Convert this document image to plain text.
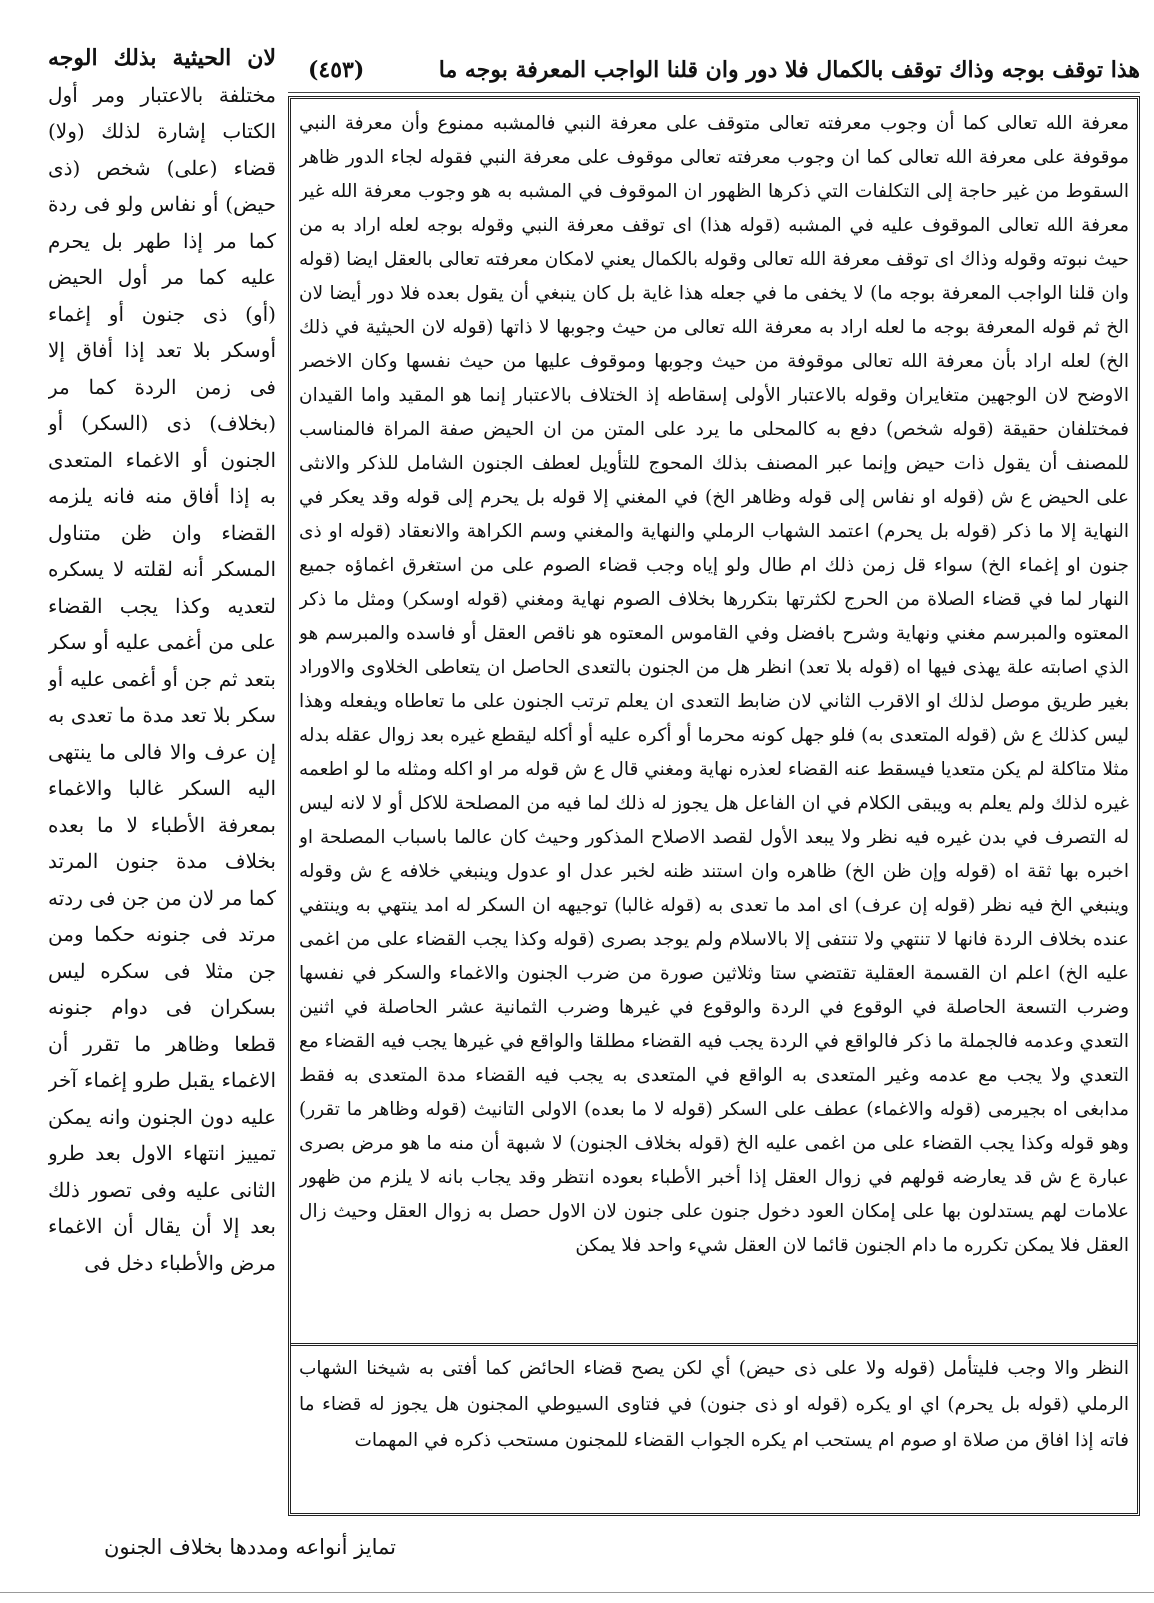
هذا توقف بوجه وذاك توقف بالكمال فلا دور وان قلنا الواجب المعرفة بوجه ما
(٤٥٣)
معرفة الله تعالى كما أن وجوب معرفته تعالى متوقف على معرفة النبي فالمشبه ممنوع وأن معرفة النبي موقوفة على معرفة الله تعالى كما ان وجوب معرفته تعالى موقوف على معرفة النبي فقوله لجاء الدور ظاهر السقوط من غير حاجة إلى التكلفات التي ذكرها الظهور ان الموقوف في المشبه به هو وجوب معرفة الله غير معرفة الله تعالى الموقوف عليه في المشبه (قوله هذا) اى توقف معرفة النبي وقوله بوجه لعله اراد به من حيث نبوته وقوله وذاك اى توقف معرفة الله تعالى وقوله بالكمال يعني لامكان معرفته تعالى بالعقل ايضا (قوله وان قلنا الواجب المعرفة بوجه ما) لا يخفى ما في جعله هذا غاية بل كان ينبغي أن يقول بعده فلا دور أيضا لان الخ ثم قوله المعرفة بوجه ما لعله اراد به معرفة الله تعالى من حيث وجوبها لا ذاتها (قوله لان الحيثية في ذلك الخ) لعله اراد بأن معرفة الله تعالى موقوفة من حيث وجوبها وموقوف عليها من حيث نفسها وكان الاخصر الاوضح لان الوجهين متغايران وقوله بالاعتبار الأولى إسقاطه إذ الختلاف بالاعتبار إنما هو المقيد واما القيدان فمختلفان حقيقة (قوله شخص) دفع به كالمحلى ما يرد على المتن من ان الحيض صفة المراة فالمناسب للمصنف أن يقول ذات حيض وإنما عبر المصنف بذلك المحوج للتأويل لعطف الجنون الشامل للذكر والانثى على الحيض ع ش (قوله او نفاس إلى قوله وظاهر الخ) في المغني إلا قوله بل يحرم إلى قوله وقد يعكر في النهاية إلا ما ذكر (قوله بل يحرم) اعتمد الشهاب الرملي والنهاية والمغني وسم الكراهة والانعقاد (قوله او ذى جنون او إغماء الخ) سواء قل زمن ذلك ام طال ولو إياه وجب قضاء الصوم على من استغرق اغماؤه جميع النهار لما في قضاء الصلاة من الحرج لكثرتها بتكررها بخلاف الصوم نهاية ومغني (قوله اوسكر) ومثل ما ذكر المعتوه والمبرسم مغني ونهاية وشرح بافضل وفي القاموس المعتوه هو ناقص العقل أو فاسده والمبرسم هو الذي اصابته علة يهذى فيها اه (قوله بلا تعد) انظر هل من الجنون بالتعدى الحاصل ان يتعاطى الخلاوى والاوراد بغير طريق موصل لذلك او الاقرب الثاني لان ضابط التعدى ان يعلم ترتب الجنون على ما تعاطاه ويفعله وهذا ليس كذلك ع ش (قوله المتعدى به) فلو جهل كونه محرما أو أكره عليه أو أكله ليقطع غيره بعد زوال عقله بدله مثلا متاكلة لم يكن متعديا فيسقط عنه القضاء لعذره نهاية ومغني قال ع ش قوله مر او اكله ومثله ما لو اطعمه غيره لذلك ولم يعلم به ويبقى الكلام في ان الفاعل هل يجوز له ذلك لما فيه من المصلحة للاكل أو لا لانه ليس له التصرف في بدن غيره فيه نظر ولا يبعد الأول لقصد الاصلاح المذكور وحيث كان عالما باسباب المصلحة او اخبره بها ثقة اه (قوله وإن ظن الخ) ظاهره وان استند ظنه لخبر عدل او عدول وينبغي خلافه ع ش وقوله وينبغي الخ فيه نظر (قوله إن عرف) اى امد ما تعدى به (قوله غالبا) توجيهه ان السكر له امد ينتهي به وينتفي عنده بخلاف الردة فانها لا تنتهي ولا تنتفى إلا بالاسلام ولم يوجد بصرى (قوله وكذا يجب القضاء على من اغمى عليه الخ) اعلم ان القسمة العقلية تقتضي ستا وثلاثين صورة من ضرب الجنون والاغماء والسكر في نفسها وضرب التسعة الحاصلة في الوقوع في الردة والوقوع في غيرها وضرب الثمانية عشر الحاصلة في اثنين التعدي وعدمه فالجملة ما ذكر فالواقع في الردة يجب فيه القضاء مطلقا والواقع في غيرها يجب فيه القضاء مع التعدي ولا يجب مع عدمه وغير المتعدى به الواقع في المتعدى به يجب فيه القضاء مدة المتعدى به فقط مدابغى اه بجيرمى (قوله والاغماء) عطف على السكر (قوله لا ما بعده) الاولى التانيث (قوله وظاهر ما تقرر) وهو قوله وكذا يجب القضاء على من اغمى عليه الخ (قوله بخلاف الجنون) لا شبهة أن منه ما هو مرض بصرى عبارة ع ش قد يعارضه قولهم في زوال العقل إذا أخبر الأطباء بعوده انتظر وقد يجاب بانه لا يلزم من ظهور علامات لهم يستدلون بها على إمكان العود دخول جنون على جنون لان الاول حصل به زوال العقل وحيث زال العقل فلا يمكن تكرره ما دام الجنون قائما لان العقل شيء واحد فلا يمكن
النظر والا وجب فليتأمل (قوله ولا على ذى حيض) أي لكن يصح قضاء الحائض كما أفتى به شيخنا الشهاب الرملي (قوله بل يحرم) اي او يكره (قوله او ذى جنون) في فتاوى السيوطي المجنون هل يجوز له قضاء ما فاته إذا افاق من صلاة او صوم ام يستحب ام يكره الجواب القضاء للمجنون مستحب ذكره في المهمات
لان الحيثية بذلك الوجه مختلفة بالاعتبار ومر أول الكتاب إشارة لذلك (ولا) قضاء (على) شخص (ذى حيض) أو نفاس ولو فى ردة كما مر إذا طهر بل يحرم عليه كما مر أول الحيض (أو) ذى جنون أو إغماء أوسكر بلا تعد إذا أفاق إلا فى زمن الردة كما مر (بخلاف) ذى (السكر) أو الجنون أو الاغماء المتعدى به إذا أفاق منه فانه يلزمه القضاء وان ظن متناول المسكر أنه لقلته لا يسكره لتعديه وكذا يجب القضاء على من أغمى عليه أو سكر بتعد ثم جن أو أغمى عليه أو سكر بلا تعد مدة ما تعدى به إن عرف والا فالى ما ينتهى اليه السكر غالبا والاغماء بمعرفة الأطباء لا ما بعده بخلاف مدة جنون المرتد كما مر لان من جن فى ردته مرتد فى جنونه حكما ومن جن مثلا فى سكره ليس بسكران فى دوام جنونه قطعا وظاهر ما تقرر أن الاغماء يقبل طرو إغماء آخر عليه دون الجنون وانه يمكن تمييز انتهاء الاول بعد طرو الثانى عليه وفى تصور ذلك بعد إلا أن يقال أن الاغماء مرض والأطباء دخل فى
تمايز أنواعه ومددها بخلاف الجنون
